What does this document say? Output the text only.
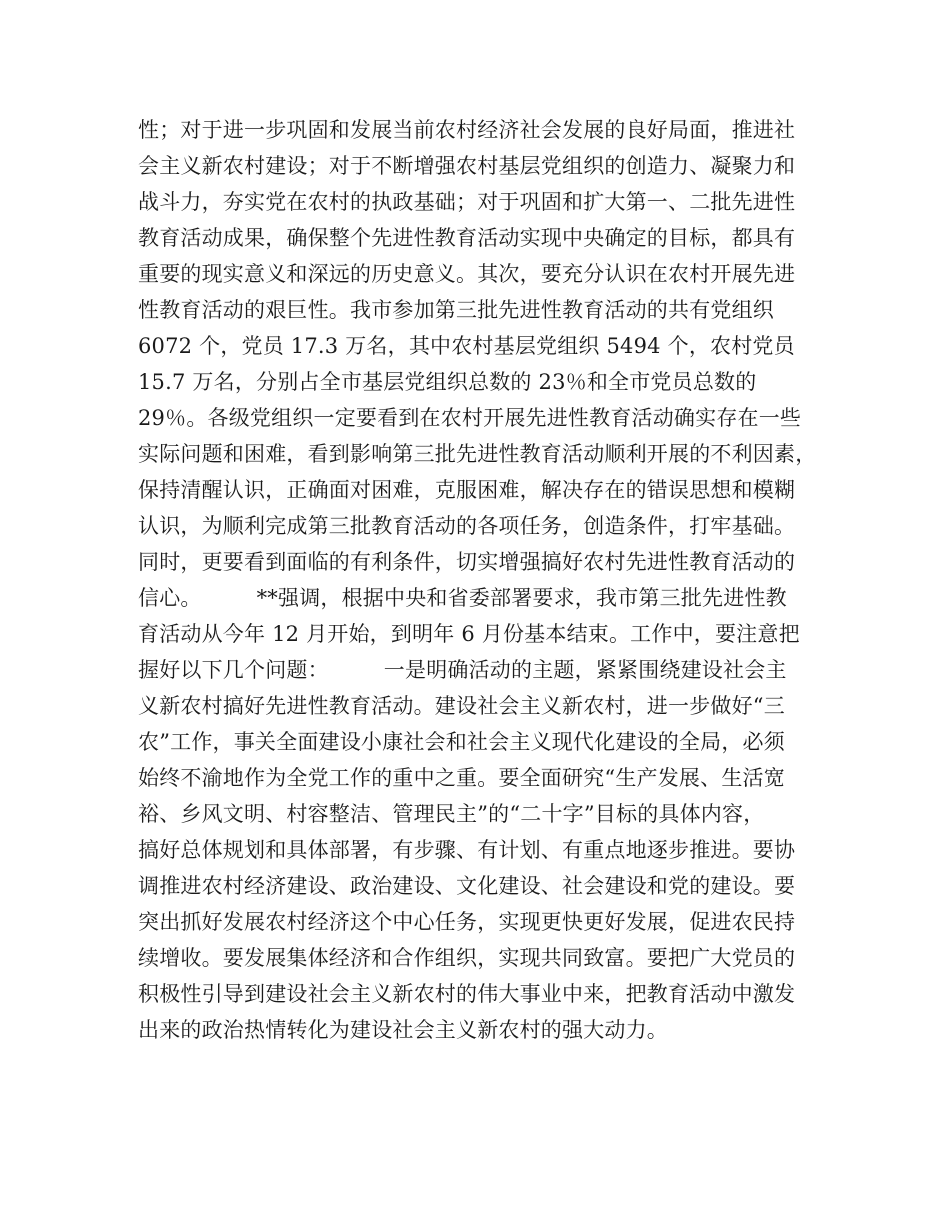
性；对于进一步巩固和发展当前农村经济社会发展的良好局面，推进社
会主义新农村建设；对于不断增强农村基层党组织的创造力、凝聚力和
战斗力，夯实党在农村的执政基础；对于巩固和扩大第一、二批先进性
教育活动成果，确保整个先进性教育活动实现中央确定的目标，都具有
重要的现实意义和深远的历史意义。其次，要充分认识在农村开展先进
性教育活动的艰巨性。我市参加第三批先进性教育活动的共有党组织
6072 个，党员 17.3 万名，其中农村基层党组织 5494 个，农村党员
15.7 万名，分别占全市基层党组织总数的 23％和全市党员总数的
29％。各级党组织一定要看到在农村开展先进性教育活动确实存在一些
实际问题和困难，看到影响第三批先进性教育活动顺利开展的不利因素，
保持清醒认识，正确面对困难，克服困难，解决存在的错误思想和模糊
认识，为顺利完成第三批教育活动的各项任务，创造条件，打牢基础。
同时，更要看到面临的有利条件，切实增强搞好农村先进性教育活动的
信心。        **强调，根据中央和省委部署要求，我市第三批先进性教
育活动从今年 12 月开始，到明年 6 月份基本结束。工作中，要注意把
握好以下几个问题：        一是明确活动的主题，紧紧围绕建设社会主
义新农村搞好先进性教育活动。建设社会主义新农村，进一步做好“三
农”工作，事关全面建设小康社会和社会主义现代化建设的全局，必须
始终不渝地作为全党工作的重中之重。要全面研究“生产发展、生活宽
裕、乡风文明、村容整洁、管理民主”的“二十字”目标的具体内容，
搞好总体规划和具体部署，有步骤、有计划、有重点地逐步推进。要协
调推进农村经济建设、政治建设、文化建设、社会建设和党的建设。要
突出抓好发展农村经济这个中心任务，实现更快更好发展，促进农民持
续增收。要发展集体经济和合作组织，实现共同致富。要把广大党员的
积极性引导到建设社会主义新农村的伟大事业中来，把教育活动中激发
出来的政治热情转化为建设社会主义新农村的强大动力。
